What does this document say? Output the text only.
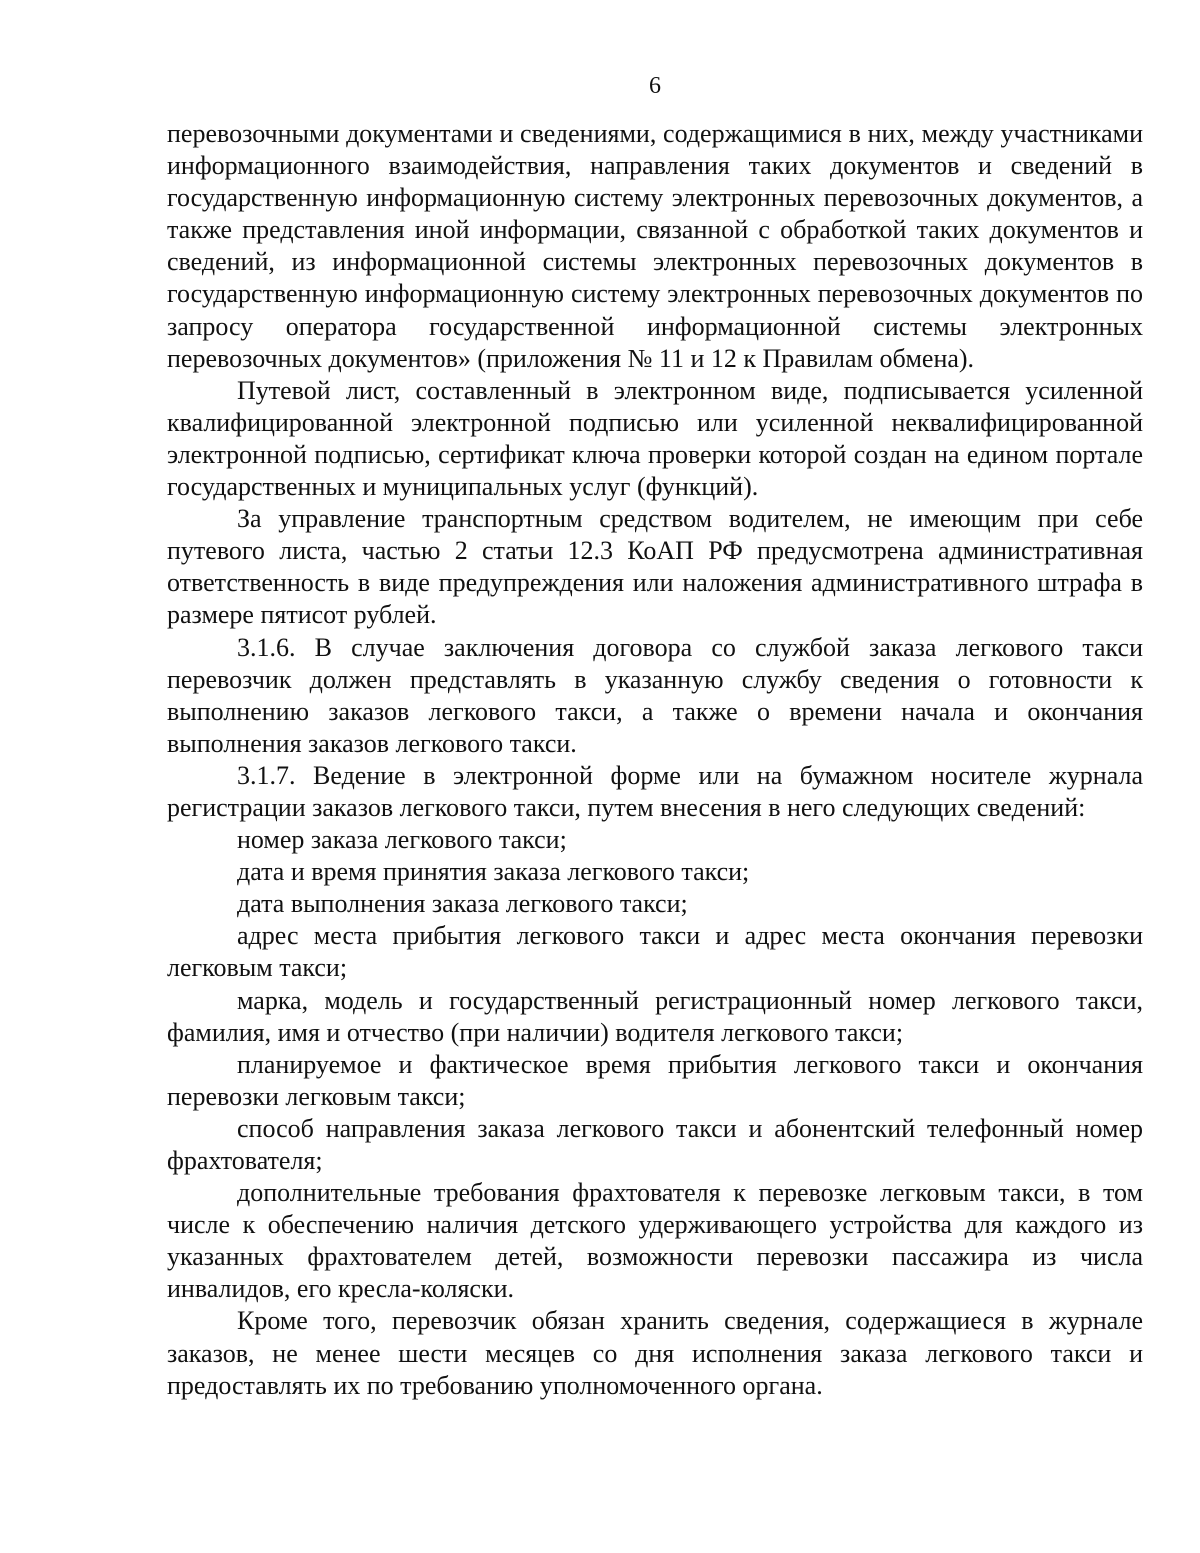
6

перевозочными документами и сведениями, содержащимися в них, между участниками информационного взаимодействия, направления таких документов и сведений в государственную информационную систему электронных перевозочных документов, а также представления иной информации, связанной с обработкой таких документов и сведений, из информационной системы электронных перевозочных документов в государственную информационную систему электронных перевозочных документов по запросу оператора государственной информационной системы электронных перевозочных документов» (приложения № 11 и 12 к Правилам обмена).

Путевой лист, составленный в электронном виде, подписывается усиленной квалифицированной электронной подписью или усиленной неквалифицированной электронной подписью, сертификат ключа проверки которой создан на едином портале государственных и муниципальных услуг (функций).

За управление транспортным средством водителем, не имеющим при себе путевого листа, частью 2 статьи 12.3 КоАП РФ предусмотрена административная ответственность в виде предупреждения или наложения административного штрафа в размере пятисот рублей.

3.1.6. В случае заключения договора со службой заказа легкового такси перевозчик должен представлять в указанную службу сведения о готовности к выполнению заказов легкового такси, а также о времени начала и окончания выполнения заказов легкового такси.

3.1.7. Ведение в электронной форме или на бумажном носителе журнала регистрации заказов легкового такси, путем внесения в него следующих сведений:

номер заказа легкового такси;

дата и время принятия заказа легкового такси;

дата выполнения заказа легкового такси;

адрес места прибытия легкового такси и адрес места окончания перевозки легковым такси;

марка, модель и государственный регистрационный номер легкового такси, фамилия, имя и отчество (при наличии) водителя легкового такси;

планируемое и фактическое время прибытия легкового такси и окончания перевозки легковым такси;

способ направления заказа легкового такси и абонентский телефонный номер фрахтователя;

дополнительные требования фрахтователя к перевозке легковым такси, в том числе к обеспечению наличия детского удерживающего устройства для каждого из указанных фрахтователем детей, возможности перевозки пассажира из числа инвалидов, его кресла-коляски.

Кроме того, перевозчик обязан хранить сведения, содержащиеся в журнале заказов, не менее шести месяцев со дня исполнения заказа легкового такси и предоставлять их по требованию уполномоченного органа.
